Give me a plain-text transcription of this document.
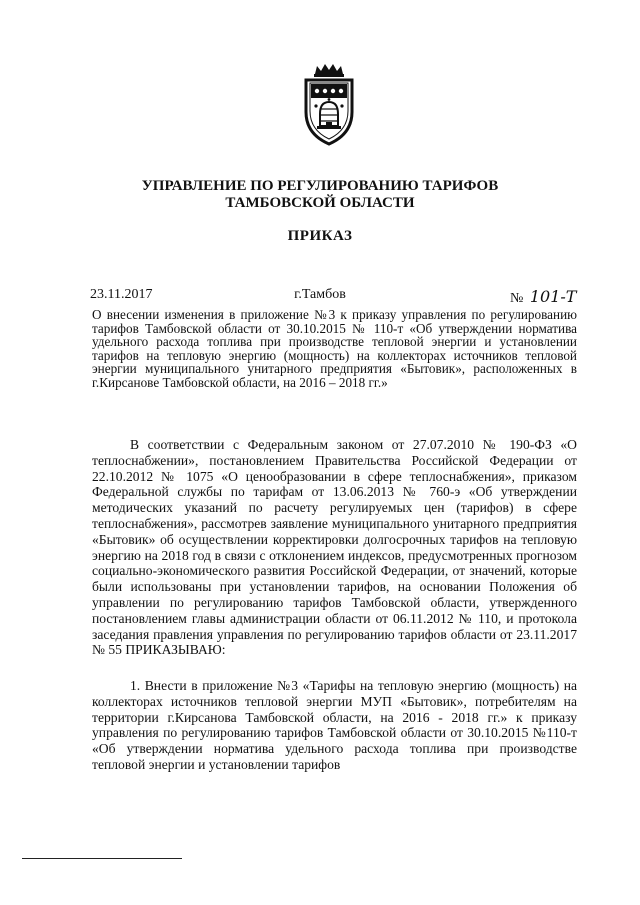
УПРАВЛЕНИЕ ПО РЕГУЛИРОВАНИЮ ТАРИФОВ
ТАМБОВСКОЙ ОБЛАСТИ
ПРИКАЗ
23.11.2017	г.Тамбов	№ 101-Т
О внесении изменения в приложение №3 к приказу управления по регулированию тарифов Тамбовской области от 30.10.2015 № 110-т «Об утверждении норматива удельного расхода топлива при производстве тепловой энергии и установлении тарифов на тепловую энергию (мощность) на коллекторах источников тепловой энергии муниципального унитарного предприятия «Бытовик», расположенных в г.Кирсанове Тамбовской области, на 2016 – 2018 гг.»
В соответствии с Федеральным законом от 27.07.2010 № 190-ФЗ «О теплоснабжении», постановлением Правительства Российской Федерации от 22.10.2012 № 1075 «О ценообразовании в сфере теплоснабжения», приказом Федеральной службы по тарифам от 13.06.2013 № 760-э «Об утверждении методических указаний по расчету регулируемых цен (тарифов) в сфере теплоснабжения», рассмотрев заявление муниципального унитарного предприятия «Бытовик» об осуществлении корректировки долгосрочных тарифов на тепловую энергию на 2018 год в связи с отклонением индексов, предусмотренных прогнозом социально-экономического развития Российской Федерации, от значений, которые были использованы при установлении тарифов, на основании Положения об управлении по регулированию тарифов Тамбовской области, утвержденного постановлением главы администрации области от 06.11.2012 № 110, и протокола заседания правления управления по регулированию тарифов области от 23.11.2017 № 55 ПРИКАЗЫВАЮ:
1. Внести в приложение №3 «Тарифы на тепловую энергию (мощность) на коллекторах источников тепловой энергии МУП «Бытовик», потребителям на территории г.Кирсанова Тамбовской области, на 2016 - 2018 гг.» к приказу управления по регулированию тарифов Тамбовской области от 30.10.2015 №110-т «Об утверждении норматива удельного расхода топлива при производстве тепловой энергии и установлении тарифов
